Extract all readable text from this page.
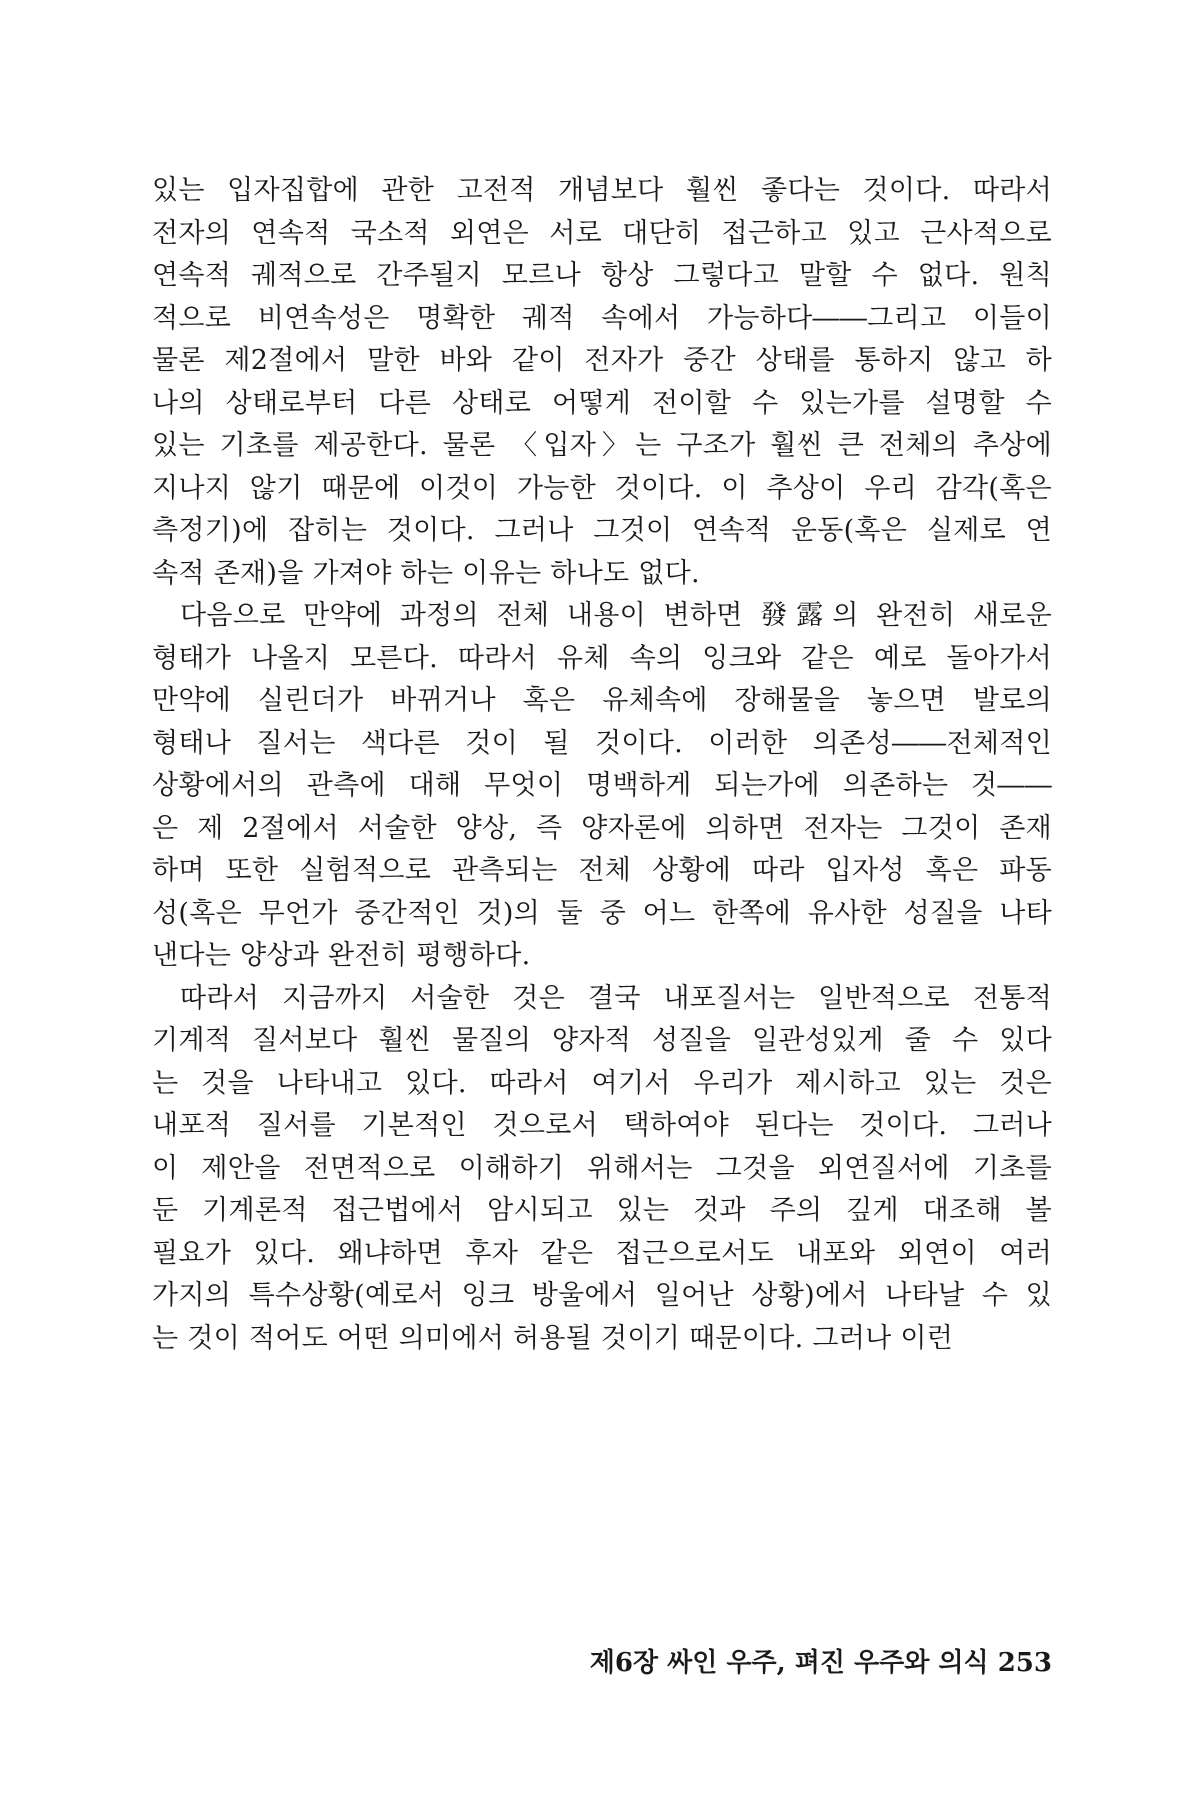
있는 입자집합에 관한 고전적 개념보다 훨씬 좋다는 것이다. 따라서
전자의 연속적 국소적 외연은 서로 대단히 접근하고 있고 근사적으로
연속적 궤적으로 간주될지 모르나 항상 그렇다고 말할 수 없다. 원칙
적으로 비연속성은 명확한 궤적 속에서 가능하다――그리고 이들이
물론 제2절에서 말한 바와 같이 전자가 중간 상태를 통하지 않고 하
나의 상태로부터 다른 상태로 어떻게 전이할 수 있는가를 설명할 수
있는 기초를 제공한다. 물론 〈입자〉는 구조가 훨씬 큰 전체의 추상에
지나지 않기 때문에 이것이 가능한 것이다. 이 추상이 우리 감각(혹은
측정기)에 잡히는 것이다. 그러나 그것이 연속적 운동(혹은 실제로 연
속적 존재)을 가져야 하는 이유는 하나도 없다.
다음으로 만약에 과정의 전체 내용이 변하면 發露의 완전히 새로운
형태가 나올지 모른다. 따라서 유체 속의 잉크와 같은 예로 돌아가서
만약에 실린더가 바뀌거나 혹은 유체속에 장해물을 놓으면 발로의
형태나 질서는 색다른 것이 될 것이다. 이러한 의존성――전체적인
상황에서의 관측에 대해 무엇이 명백하게 되는가에 의존하는 것――
은 제 2절에서 서술한 양상, 즉 양자론에 의하면 전자는 그것이 존재
하며 또한 실험적으로 관측되는 전체 상황에 따라 입자성 혹은 파동
성(혹은 무언가 중간적인 것)의 둘 중 어느 한쪽에 유사한 성질을 나타
낸다는 양상과 완전히 평행하다.
따라서 지금까지 서술한 것은 결국 내포질서는 일반적으로 전통적
기계적 질서보다 훨씬 물질의 양자적 성질을 일관성있게 줄 수 있다
는 것을 나타내고 있다. 따라서 여기서 우리가 제시하고 있는 것은
내포적 질서를 기본적인 것으로서 택하여야 된다는 것이다. 그러나
이 제안을 전면적으로 이해하기 위해서는 그것을 외연질서에 기초를
둔 기계론적 접근법에서 암시되고 있는 것과 주의 깊게 대조해 볼
필요가 있다. 왜냐하면 후자 같은 접근으로서도 내포와 외연이 여러
가지의 특수상황(예로서 잉크 방울에서 일어난 상황)에서 나타날 수 있
는 것이 적어도 어떤 의미에서 허용될 것이기 때문이다. 그러나 이런
제6장 싸인 우주, 펴진 우주와 의식 253
